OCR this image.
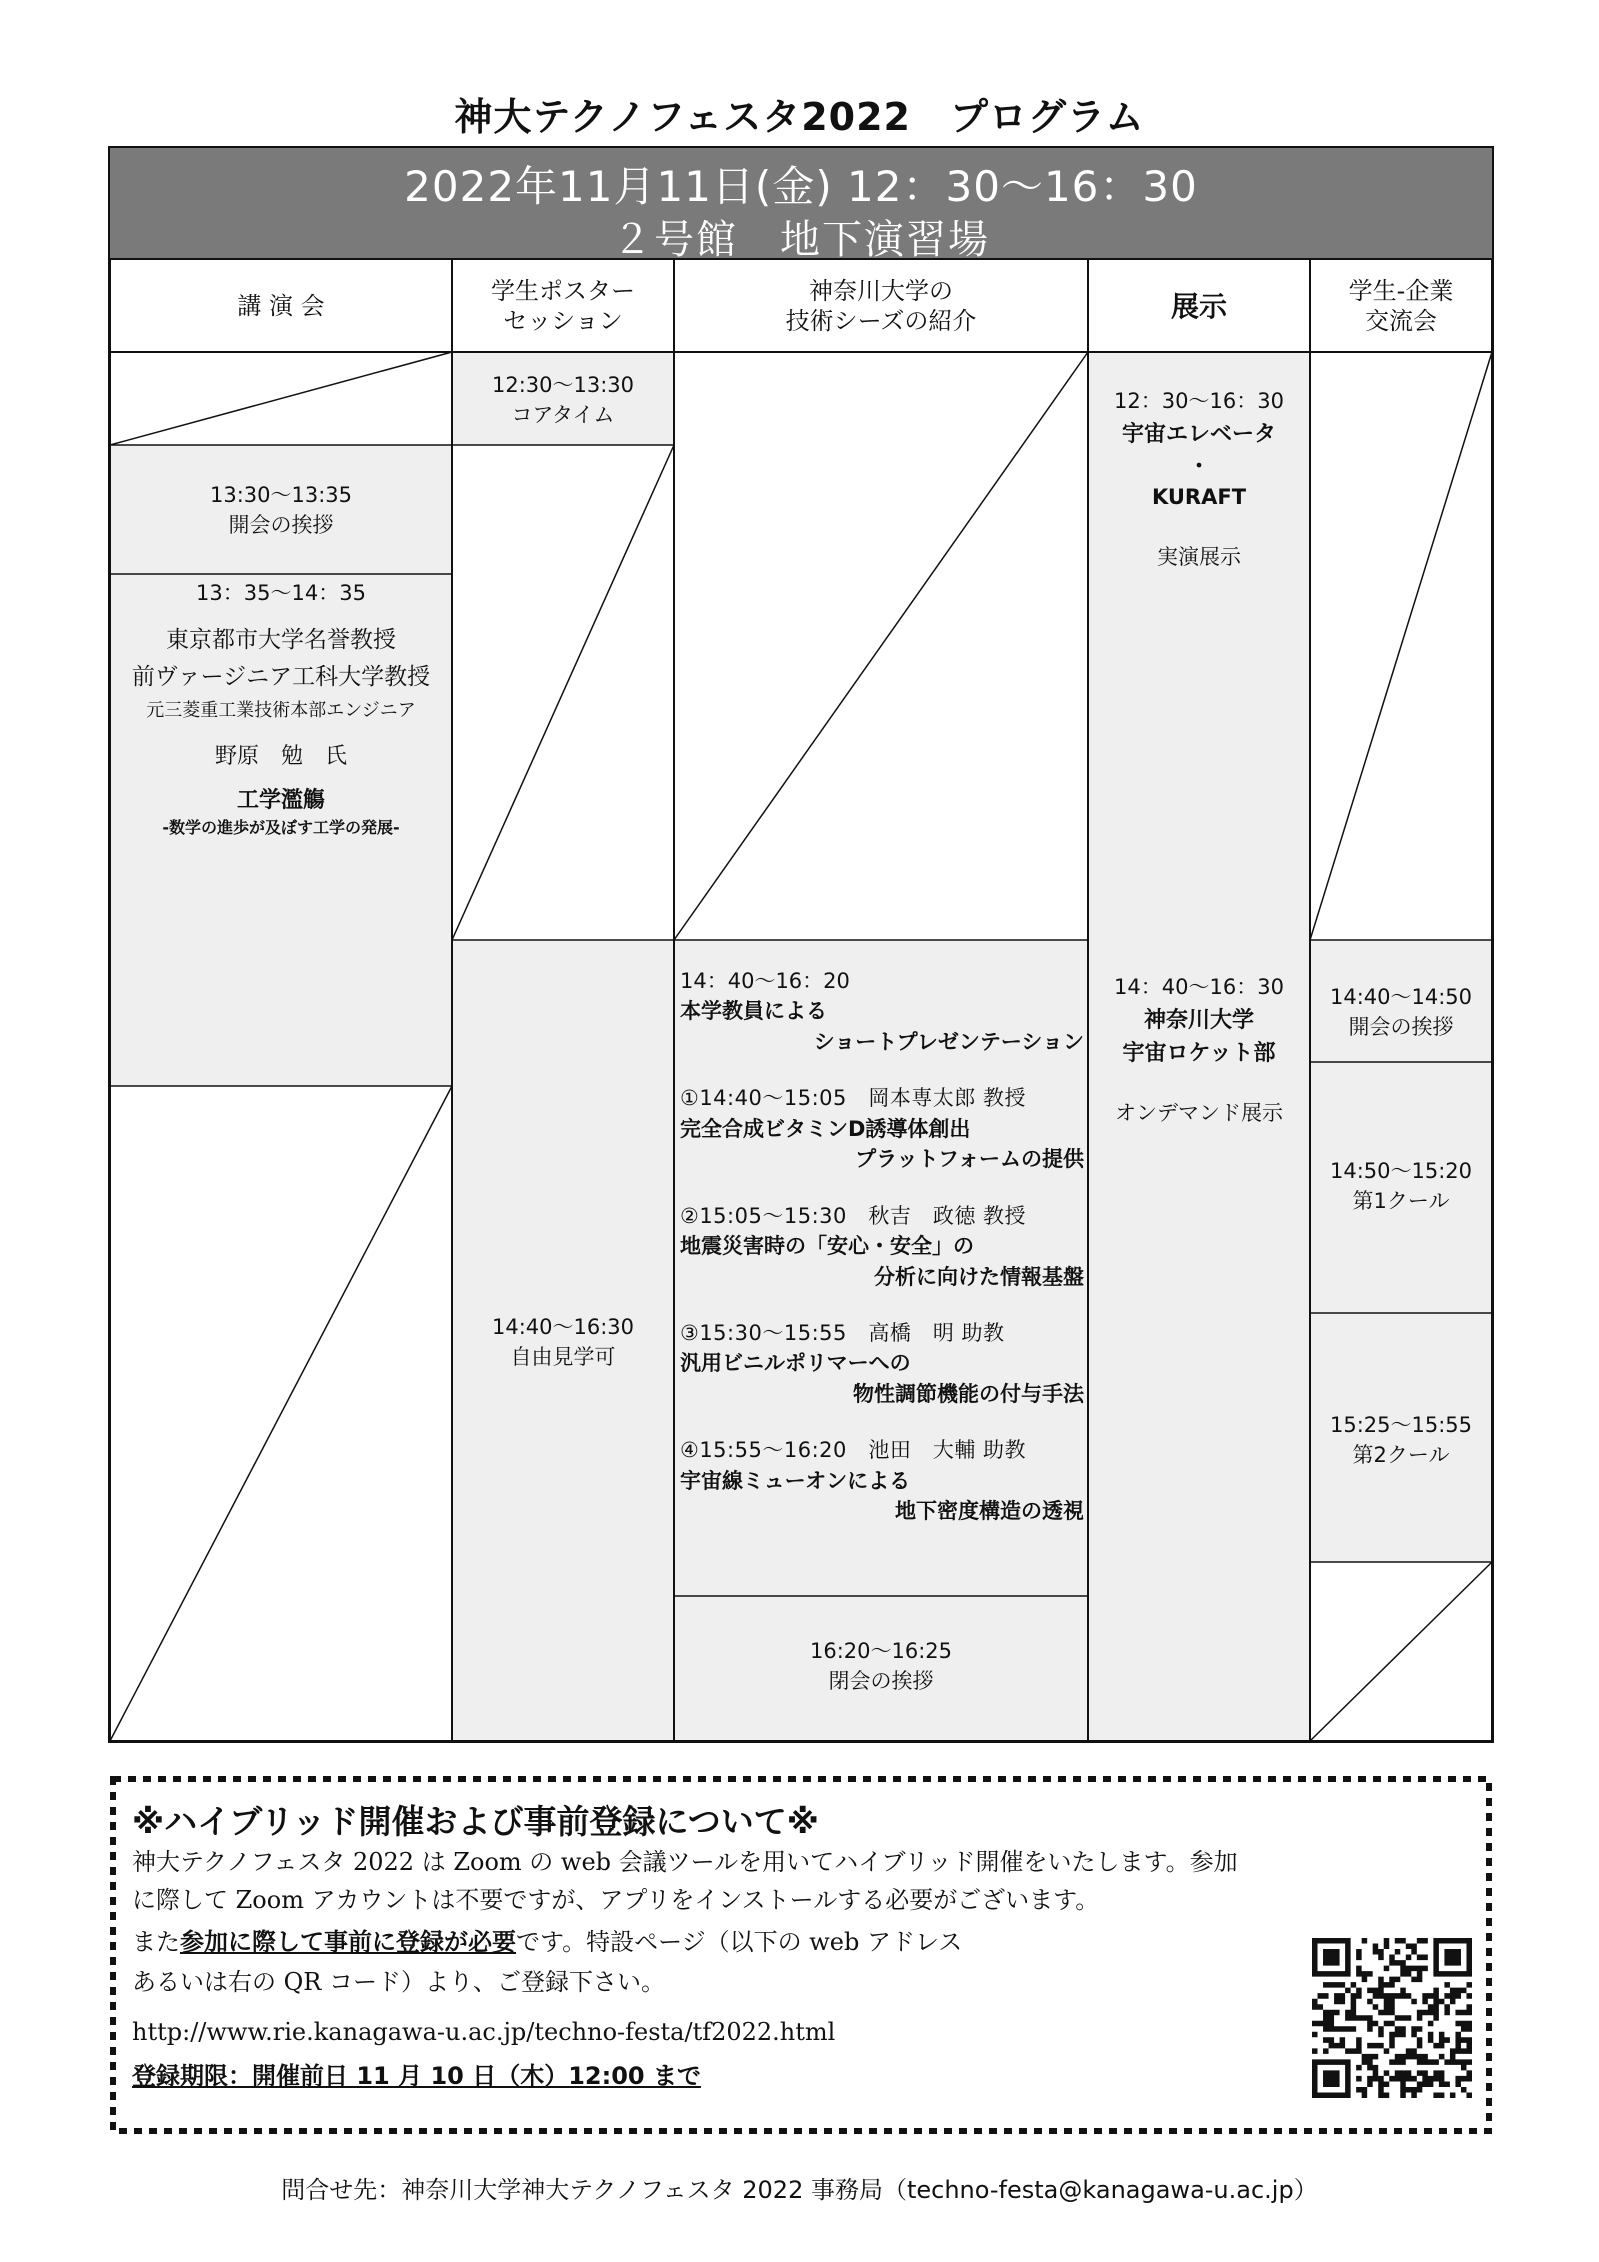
神大テクノフェスタ2022　プログラム
2022年11月11日(金) 12：30〜16：30
２号館　地下演習場
講 演 会
学生ポスター
セッション
神奈川大学の
技術シーズの紹介	展示	学生-企業
交流会
13:30〜13:35
開会の挨拶
13：35〜14：35
東京都市大学名誉教授
前ヴァージニア工科大学教授
元三菱重工業技術本部エンジニア
野原　勉　氏
工学濫觴
-数学の進歩が及ぼす工学の発展-
12:30〜13:30
コアタイム
14:40〜16:30
自由見学可
14：40〜16：20
本学教員による
ショートプレゼンテーション
①14:40〜15:05　岡本専太郎 教授
完全合成ビタミンD誘導体創出
プラットフォームの提供
②15:05〜15:30　秋吉　政徳 教授
地震災害時の「安心・安全」の
分析に向けた情報基盤
③15:30〜15:55　高橋　明 助教
汎用ビニルポリマーへの
物性調節機能の付与手法
④15:55〜16:20　池田　大輔 助教
宇宙線ミューオンによる
地下密度構造の透視
16:20〜16:25
閉会の挨拶
12：30〜16：30
宇宙エレベータ
・
KURAFT
実演展示
14：40〜16：30
神奈川大学
宇宙ロケット部
オンデマンド展示
14:40〜14:50
開会の挨拶
14:50〜15:20
第1クール
15:25〜15:55
第2クール
※ハイブリッド開催および事前登録について※
神大テクノフェスタ 2022 は Zoom の web 会議ツールを用いてハイブリッド開催をいたします。参加
に際して Zoom アカウントは不要ですが、アプリをインストールする必要がございます。
また参加に際して事前に登録が必要です。特設ページ（以下の web アドレス
あるいは右の QR コード）より、ご登録下さい。
http://www.rie.kanagawa-u.ac.jp/techno-festa/tf2022.html
登録期限：開催前日 11 月 10 日（木）12:00 まで
問合せ先：神奈川大学神大テクノフェスタ 2022 事務局（techno-festa@kanagawa-u.ac.jp）
